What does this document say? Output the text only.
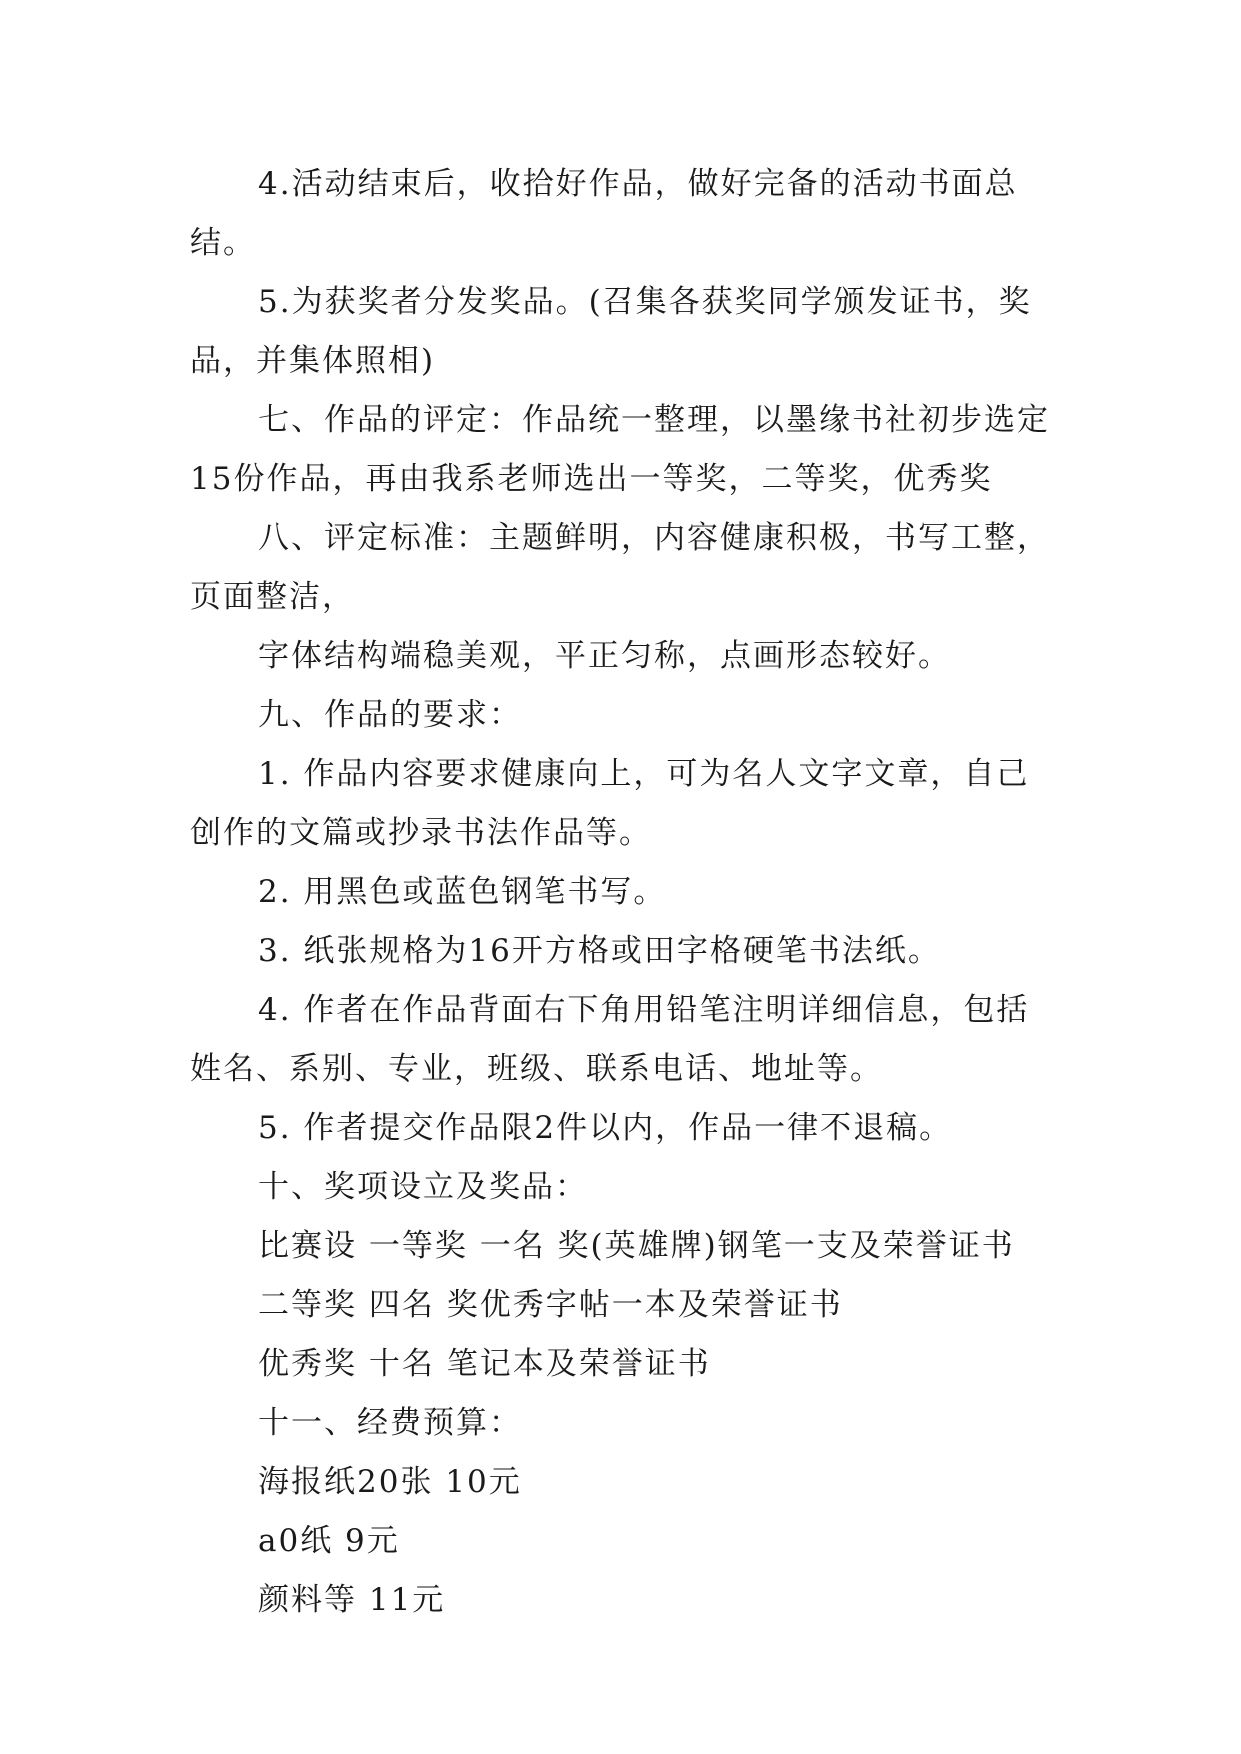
4.活动结束后，收拾好作品，做好完备的活动书面总结。

5.为获奖者分发奖品。(召集各获奖同学颁发证书，奖品，并集体照相)

七、作品的评定：作品统一整理，以墨缘书社初步选定15份作品，再由我系老师选出一等奖，二等奖，优秀奖

八、评定标准：主题鲜明，内容健康积极，书写工整，页面整洁，

字体结构端稳美观，平正匀称，点画形态较好。

九、作品的要求：

1. 作品内容要求健康向上，可为名人文字文章，自己创作的文篇或抄录书法作品等。

2. 用黑色或蓝色钢笔书写。

3. 纸张规格为16开方格或田字格硬笔书法纸。

4. 作者在作品背面右下角用铅笔注明详细信息，包括姓名、系别、专业，班级、联系电话、地址等。

5. 作者提交作品限2件以内，作品一律不退稿。

十、奖项设立及奖品：

比赛设 一等奖 一名 奖(英雄牌)钢笔一支及荣誉证书

二等奖 四名 奖优秀字帖一本及荣誉证书

优秀奖 十名 笔记本及荣誉证书

十一、经费预算：

海报纸20张 10元

a0纸 9元

颜料等 11元
